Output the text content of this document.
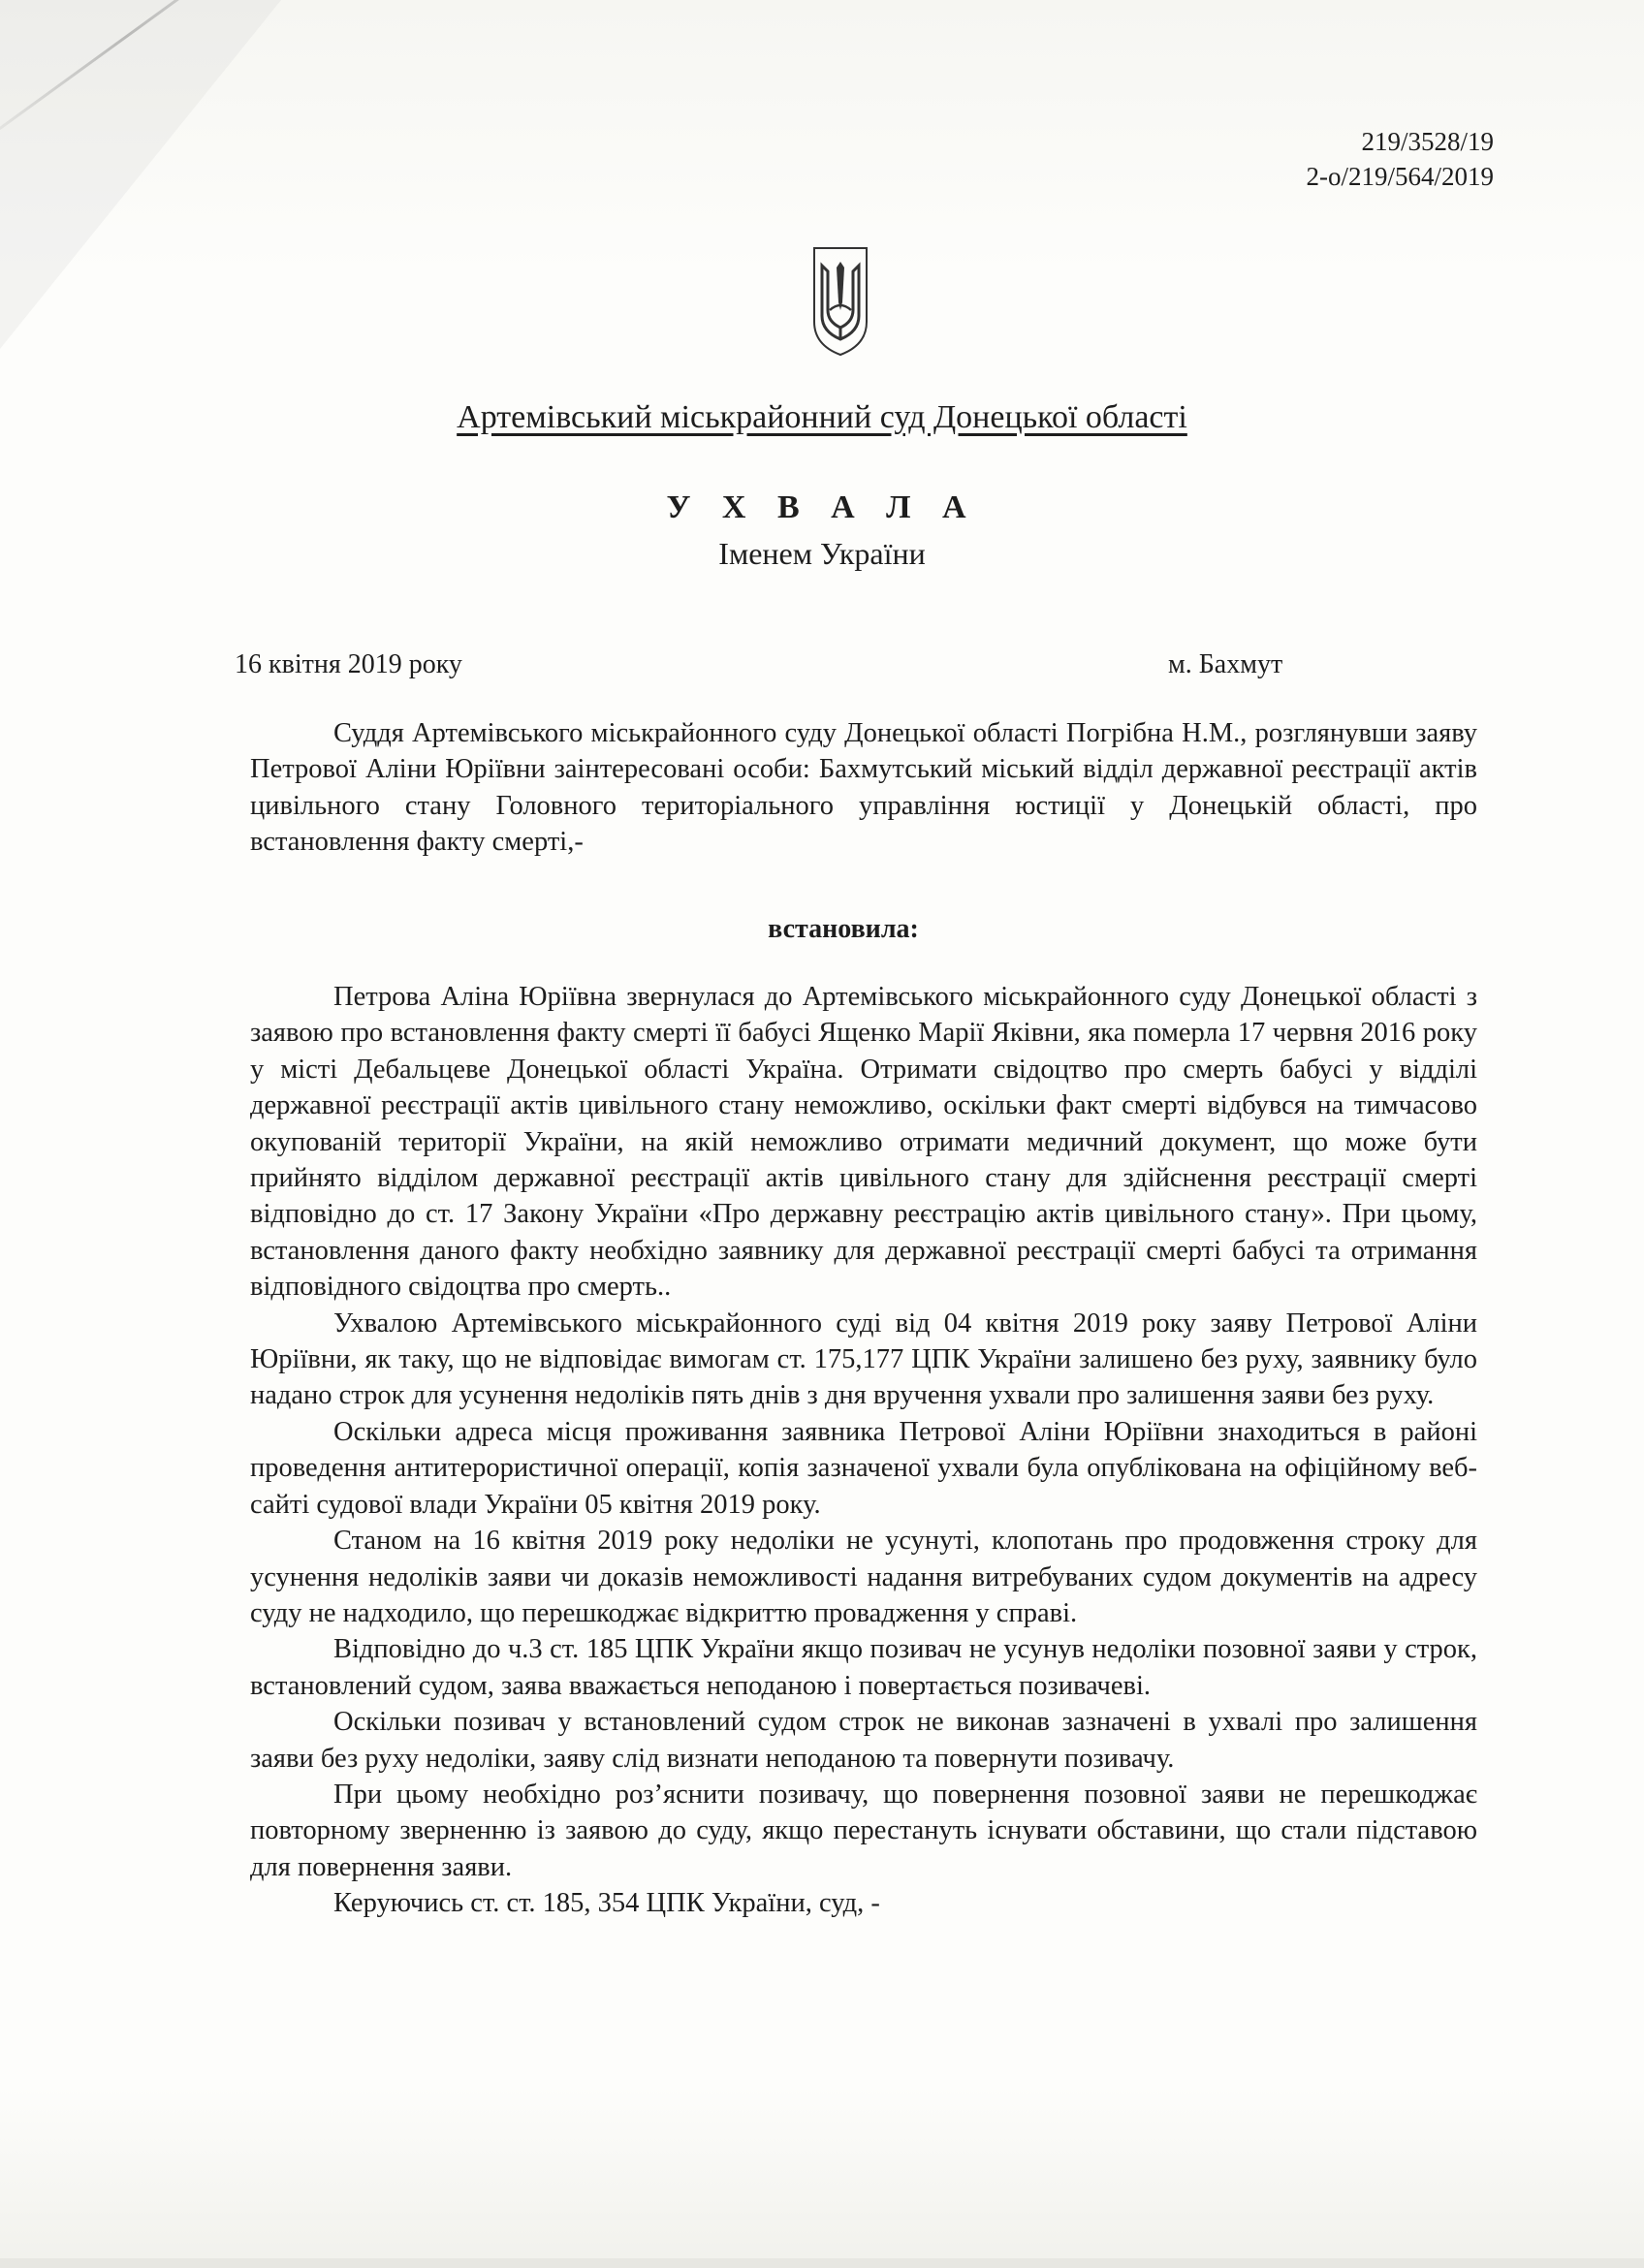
219/3528/19
2-о/219/564/2019
Артемівський міськрайонний суд Донецької області
У Х В А Л А
Іменем України
16 квітня 2019 року	м. Бахмут

Суддя Артемівського міськрайонного суду Донецької області Погрібна Н.М., розглянувши заяву Петрової Аліни Юріївни заінтересовані особи: Бахмутський міський відділ державної реєстрації актів цивільного стану Головного територіального управління юстиції у Донецькій області, про встановлення факту смерті,-

встановила:

Петрова Аліна Юріївна звернулася до Артемівського міськрайонного суду Донецької області з заявою про встановлення факту смерті її бабусі Ященко Марії Яківни, яка померла 17 червня 2016 року у місті Дебальцеве Донецької області Україна. Отримати свідоцтво про смерть бабусі у відділі державної реєстрації актів цивільного стану неможливо, оскільки факт смерті відбувся на тимчасово окупованій території України, на якій неможливо отримати медичний документ, що може бути прийнято відділом державної реєстрації актів цивільного стану для здійснення реєстрації смерті відповідно до ст. 17 Закону України «Про державну реєстрацію актів цивільного стану». При цьому, встановлення даного факту необхідно заявнику для державної реєстрації смерті бабусі та отримання відповідного свідоцтва про смерть..

Ухвалою Артемівського міськрайонного суді від 04 квітня 2019 року заяву Петрової Аліни Юріївни, як таку, що не відповідає вимогам ст. 175,177 ЦПК України залишено без руху, заявнику було надано строк для усунення недоліків пять днів з дня вручення ухвали про залишення заяви без руху.

Оскільки адреса місця проживання заявника Петрової Аліни Юріївни знаходиться в районі проведення антитерористичної операції, копія зазначеної ухвали була опублікована на офіційному веб-сайті судової влади України 05 квітня 2019 року.

Станом на 16 квітня 2019 року недоліки не усунуті, клопотань про продовження строку для усунення недоліків заяви чи доказів неможливості надання витребуваних судом документів на адресу суду не надходило, що перешкоджає відкриттю провадження у справі.

Відповідно до ч.3 ст. 185 ЦПК України якщо позивач не усунув недоліки позовної заяви у строк, встановлений судом, заява вважається неподаною і повертається позивачеві.

Оскільки позивач у встановлений судом строк не виконав зазначені в ухвалі про залишення заяви без руху недоліки, заяву слід визнати неподаною та повернути позивачу.

При цьому необхідно роз’яснити позивачу, що повернення позовної заяви не перешкоджає повторному зверненню із заявою до суду, якщо перестануть існувати обставини, що стали підставою для повернення заяви.

Керуючись ст. ст. 185, 354 ЦПК України, суд, -
